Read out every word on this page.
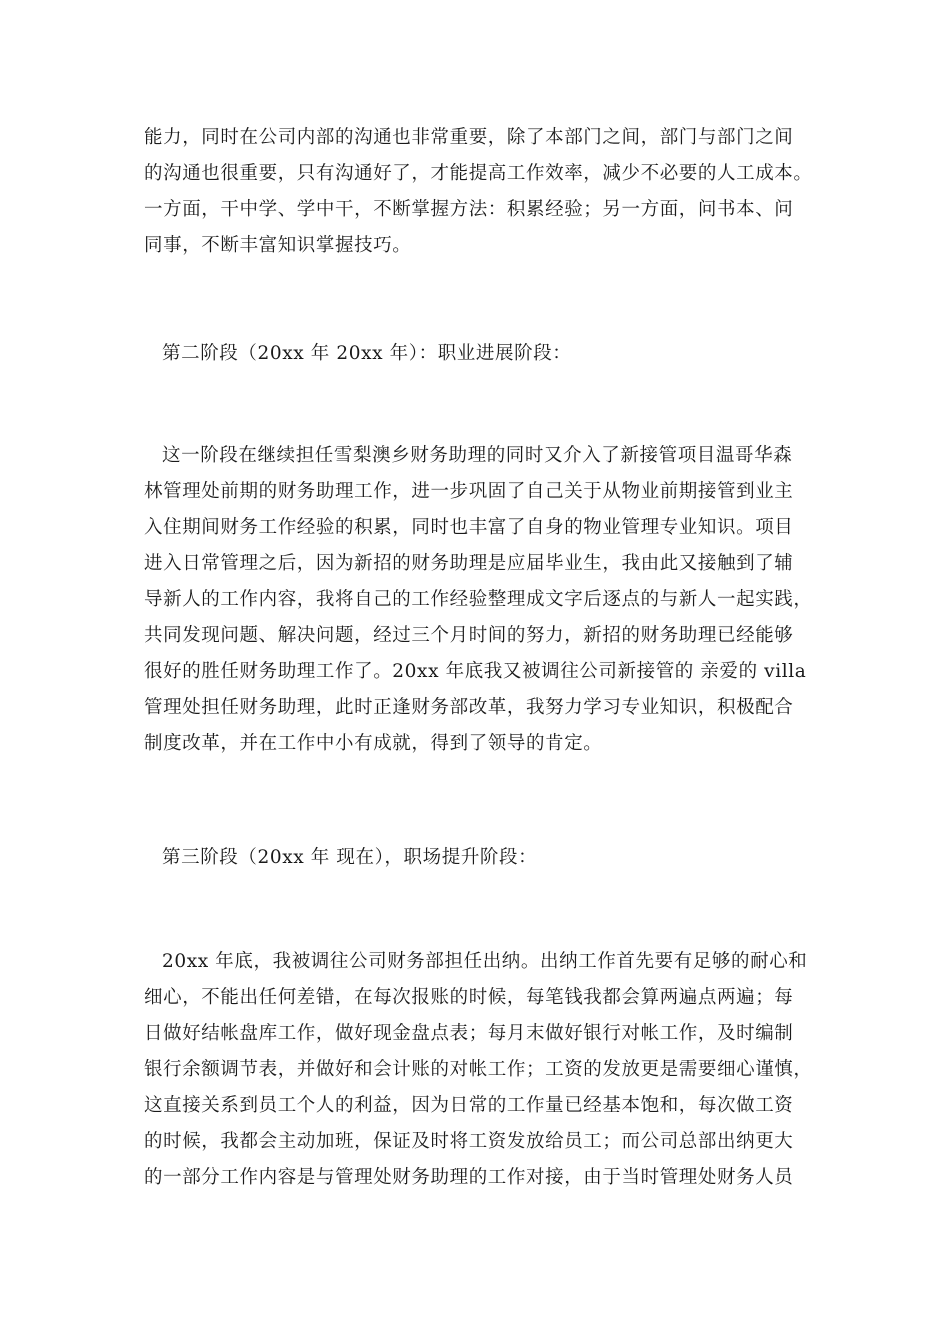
能力，同时在公司内部的沟通也非常重要，除了本部门之间，部门与部门之间
的沟通也很重要，只有沟通好了，才能提高工作效率，减少不必要的人工成本。
一方面，干中学、学中干，不断掌握方法：积累经验；另一方面，问书本、问
同事，不断丰富知识掌握技巧。
第二阶段（20xx 年 20xx 年）：职业进展阶段：
这一阶段在继续担任雪梨澳乡财务助理的同时又介入了新接管项目温哥华森
林管理处前期的财务助理工作，进一步巩固了自己关于从物业前期接管到业主
入住期间财务工作经验的积累，同时也丰富了自身的物业管理专业知识。项目
进入日常管理之后，因为新招的财务助理是应届毕业生，我由此又接触到了辅
导新人的工作内容，我将自己的工作经验整理成文字后逐点的与新人一起实践，
共同发现问题、解决问题，经过三个月时间的努力，新招的财务助理已经能够
很好的胜任财务助理工作了。20xx 年底我又被调往公司新接管的 亲爱的 villa
管理处担任财务助理，此时正逢财务部改革，我努力学习专业知识，积极配合
制度改革，并在工作中小有成就，得到了领导的肯定。
第三阶段（20xx 年 现在），职场提升阶段：
20xx 年底，我被调往公司财务部担任出纳。出纳工作首先要有足够的耐心和
细心，不能出任何差错，在每次报账的时候，每笔钱我都会算两遍点两遍；每
日做好结帐盘库工作，做好现金盘点表；每月末做好银行对帐工作，及时编制
银行余额调节表，并做好和会计账的对帐工作；工资的发放更是需要细心谨慎，
这直接关系到员工个人的利益，因为日常的工作量已经基本饱和，每次做工资
的时候，我都会主动加班，保证及时将工资发放给员工；而公司总部出纳更大
的一部分工作内容是与管理处财务助理的工作对接，由于当时管理处财务人员
